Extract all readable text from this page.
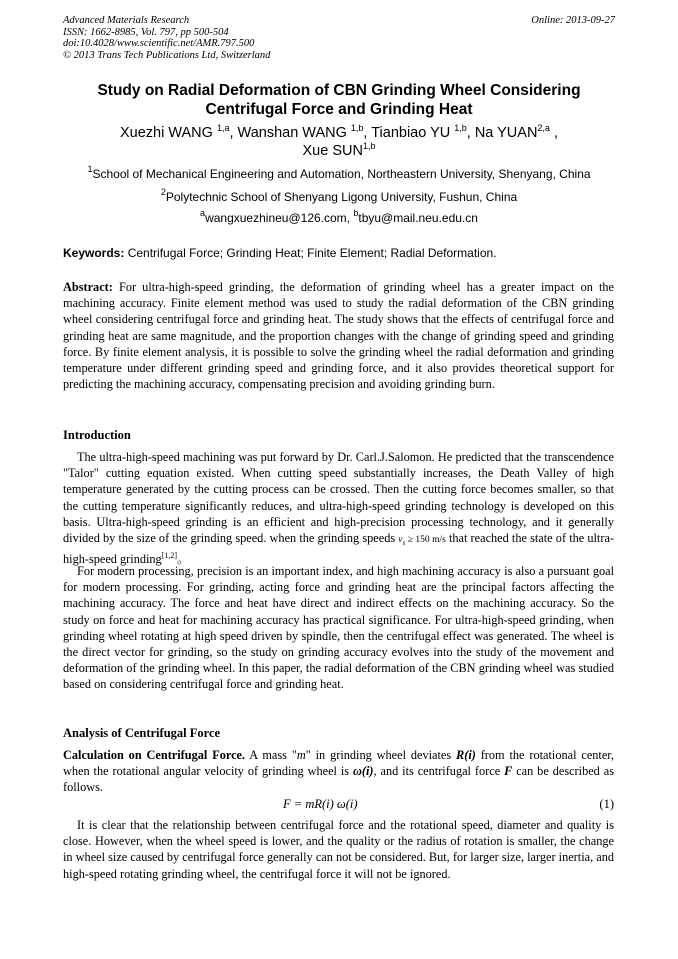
Advanced Materials Research
ISSN: 1662-8985, Vol. 797, pp 500-504
doi:10.4028/www.scientific.net/AMR.797.500
© 2013 Trans Tech Publications Ltd, Switzerland
Online: 2013-09-27
Study on Radial Deformation of CBN Grinding Wheel Considering
Centrifugal Force and Grinding Heat
Xuezhi WANG $^{1,a}$, Wanshan WANG $^{1,b}$, Tianbiao YU $^{1,b}$, Na YUAN$^{2,a}$ ,
Xue SUN$^{1,b}$
$^1$School of Mechanical Engineering and Automation, Northeastern University, Shenyang, China
$^2$Polytechnic School of Shenyang Ligong University, Fushun, China
$^a$wangxuezhineu@126.com, $^b$tbyu@mail.neu.edu.cn
Keywords: Centrifugal Force; Grinding Heat; Finite Element; Radial Deformation.
Abstract: For ultra-high-speed grinding, the deformation of grinding wheel has a greater impact on the machining accuracy. Finite element method was used to study the radial deformation of the CBN grinding wheel considering centrifugal force and grinding heat. The study shows that the effects of centrifugal force and grinding heat are same magnitude, and the proportion changes with the change of grinding speed and grinding force. By finite element analysis, it is possible to solve the grinding wheel the radial deformation and grinding temperature under different grinding speed and grinding force, and it also provides theoretical support for predicting the machining accuracy, compensating precision and avoiding grinding burn.
Introduction
The ultra-high-speed machining was put forward by Dr. Carl.J.Salomon. He predicted that the transcendence "Talor" cutting equation existed. When cutting speed substantially increases, the Death Valley of high temperature generated by the cutting process can be crossed. Then the cutting force becomes smaller, so that the cutting temperature significantly reduces, and ultra-high-speed grinding technology is developed on this basis. Ultra-high-speed grinding is an efficient and high-precision processing technology, and it generally divided by the size of the grinding speed. when the grinding speeds $v_s \ge 150$ m/s that reached the state of the ultra-high-speed grinding[1,2]。
For modern processing, precision is an important index, and high machining accuracy is also a pursuant goal for modern processing. For grinding, acting force and grinding heat are the principal factors affecting the machining accuracy. The force and heat have direct and indirect effects on the machining accuracy. So the study on force and heat for machining accuracy has practical significance. For ultra-high-speed grinding, when grinding wheel rotating at high speed driven by spindle, then the centrifugal effect was generated. The wheel is the direct vector for grinding, so the study on grinding accuracy evolves into the study of the movement and deformation of the grinding wheel. In this paper, the radial deformation of the CBN grinding wheel was studied based on considering centrifugal force and grinding heat.
Analysis of Centrifugal Force
Calculation on Centrifugal Force. A mass "m" in grinding wheel deviates R(i) from the rotational center, when the rotational angular velocity of grinding wheel is ω(i), and its centrifugal force F can be described as follows.
F = mR(i) ω(i)	(1)
It is clear that the relationship between centrifugal force and the rotational speed, diameter and quality is close. However, when the wheel speed is lower, and the quality or the radius of rotation is smaller, the change in wheel size caused by centrifugal force generally can not be considered. But, for larger size, larger inertia, and high-speed rotating grinding wheel, the centrifugal force it will not be ignored.
